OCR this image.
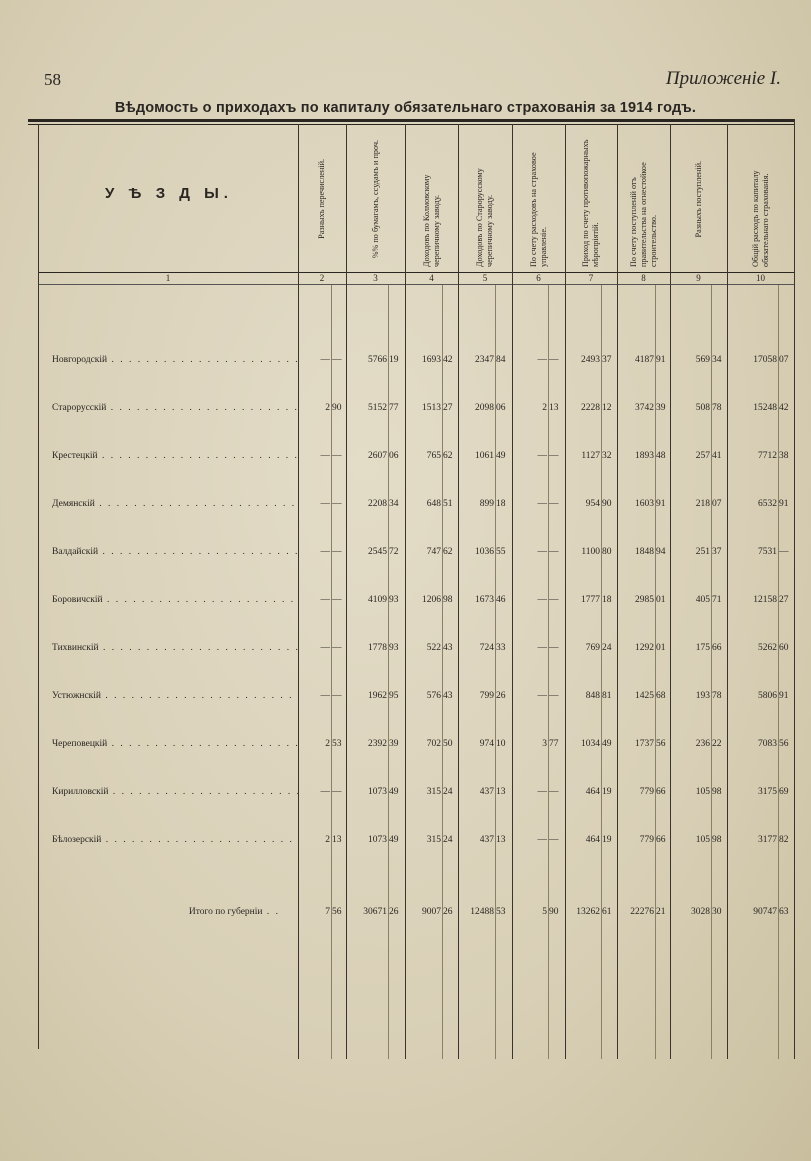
58	Приложеніе I.
Вѣдомость о приходахъ по капиталу обязательнаго страхованія за 1914 годъ.
У Ѣ З Д Ы.	Разныхъ перечисленій.	%% по бумагамъ, ссудамъ и проч.	Доходовъ по Колмовскому черепичному заводу.	Доходовъ по Старорусскому черепичному заводу.	По счету расходовъ на страховое управленіе.	Приход по счету противопожарныхъ мѣропріятій.	По счету поступленій отъ правительства на огнестойкое строительство.
Разныхъ поступленій.	Общій расходъ по капиталу обязательнаго страхованія.
1	2	3	4	5	6	7	8	9	10
Новгородскій . . .	— —	5766 19	1693 42	2347 84	— —	2493 37	4187 91	569 34	17058 07
Старорусскій . . .	2 90	5152 77	1513 27	2098 06	2 13	2228 12	3742 39	508 78	15248 42
Крестецкій . . .	— —	2607 06	765 62	1061 49	— —	1127 32	1893 48	257 41	7712 38
Демянскій . . .	— —	2208 34	648 51	899 18	— —	954 90	1603 91	218 07	6532 91
Валдайскій . . .	— —	2545 72	747 62	1036 55	— —	1100 80	1848 94	251 37	7531 —
Боровичскій . . .	— —	4109 93	1206 98	1673 46	— —	1777 18	2985 01	405 71	12158 27
Тихвинскій . . .	— —	1778 93	522 43	724 33	— —	769 24	1292 01	175 66	5262 60
Устюжнскій . . .	— —	1962 95	576 43	799 26	— —	848 81	1425 68	193 78	5806 91
Череповецкій . . .	2 53	2392 39	702 50	974 10	3 77	1034 49	1737 56	236 22	7083 56
Кирилловскій . . .	— —	1073 49	315 24	437 13	— —	464 19	779 66	105 98	3175 69
Бѣлозерскій . . .	2 13	1073 49	315 24	437 13	— —	464 19	779 66	105 98	3177 82
Итого по губерніи . .	7 56	30671 26	9007 26	12488 53	5 90	13262 61	22276 21	3028 30	90747 63
